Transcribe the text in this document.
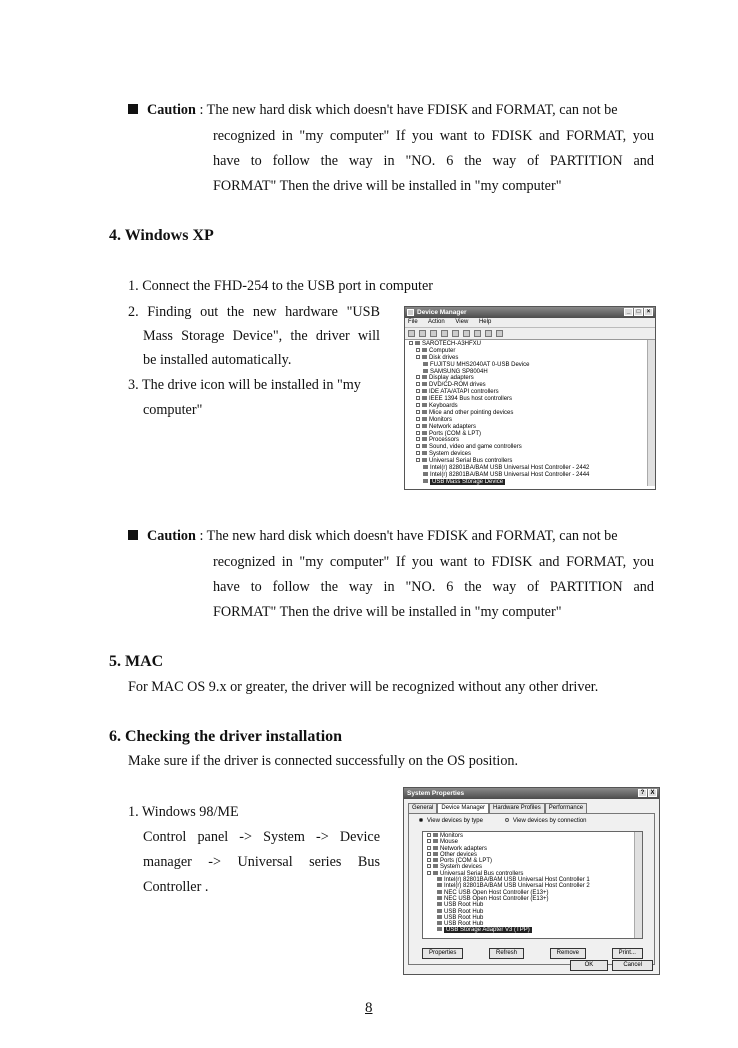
Caution : The new hard disk which doesn't have FDISK and FORMAT, can not be
recognized in "my computer" If you want to FDISK and FORMAT, you
have to follow the way in "NO. 6 the way of PARTITION and
FORMAT" Then the drive will be installed in "my computer"
4. Windows XP
1. Connect the FHD-254 to the USB port in computer
2. Finding out the new hardware "USB
Mass Storage Device", the driver will
be installed automatically.
3. The drive icon will be installed in "my
computer"
Device Manager	_	□	×
File Action View Help
SAROTECH-A3HFXU
Computer
Disk drives
FUJITSU MHS2040AT 0-USB Device
SAMSUNG SP8004H
Display adapters
DVD/CD-ROM drives
IDE ATA/ATAPI controllers
IEEE 1394 Bus host controllers
Keyboards
Mice and other pointing devices
Monitors
Network adapters
Ports (COM & LPT)
Processors
Sound, video and game controllers
System devices
Universal Serial Bus controllers
Intel(r) 82801BA/BAM USB Universal Host Controller - 2442
Intel(r) 82801BA/BAM USB Universal Host Controller - 2444
USB Mass Storage Device
Caution : The new hard disk which doesn't have FDISK and FORMAT, can not be
recognized in "my computer" If you want to FDISK and FORMAT, you
have to follow the way in "NO. 6 the way of PARTITION and
FORMAT" Then the drive will be installed in "my computer"
5. MAC
For MAC OS 9.x or greater, the driver will be recognized without any other driver.
6. Checking the driver installation
Make sure if the driver is connected successfully on the OS position.
1. Windows 98/ME
Control panel -> System -> Device
manager -> Universal series Bus
Controller .
System Properties	?	X
General	Device Manager	Hardware Profiles	Performance
View devices by type	View devices by connection
Monitors
Mouse
Network adapters
Other devices
Ports (COM & LPT)
System devices
Universal Serial Bus controllers
Intel(r) 82801BA/BAM USB Universal Host Controller 1
Intel(r) 82801BA/BAM USB Universal Host Controller 2
NEC USB Open Host Controller (E13+)
NEC USB Open Host Controller (E13+)
USB Root Hub
USB Root Hub
USB Root Hub
USB Root Hub
USB Storage Adapter V3 (TPP)
Properties	Refresh	Remove	Print...
OK	Cancel
8
